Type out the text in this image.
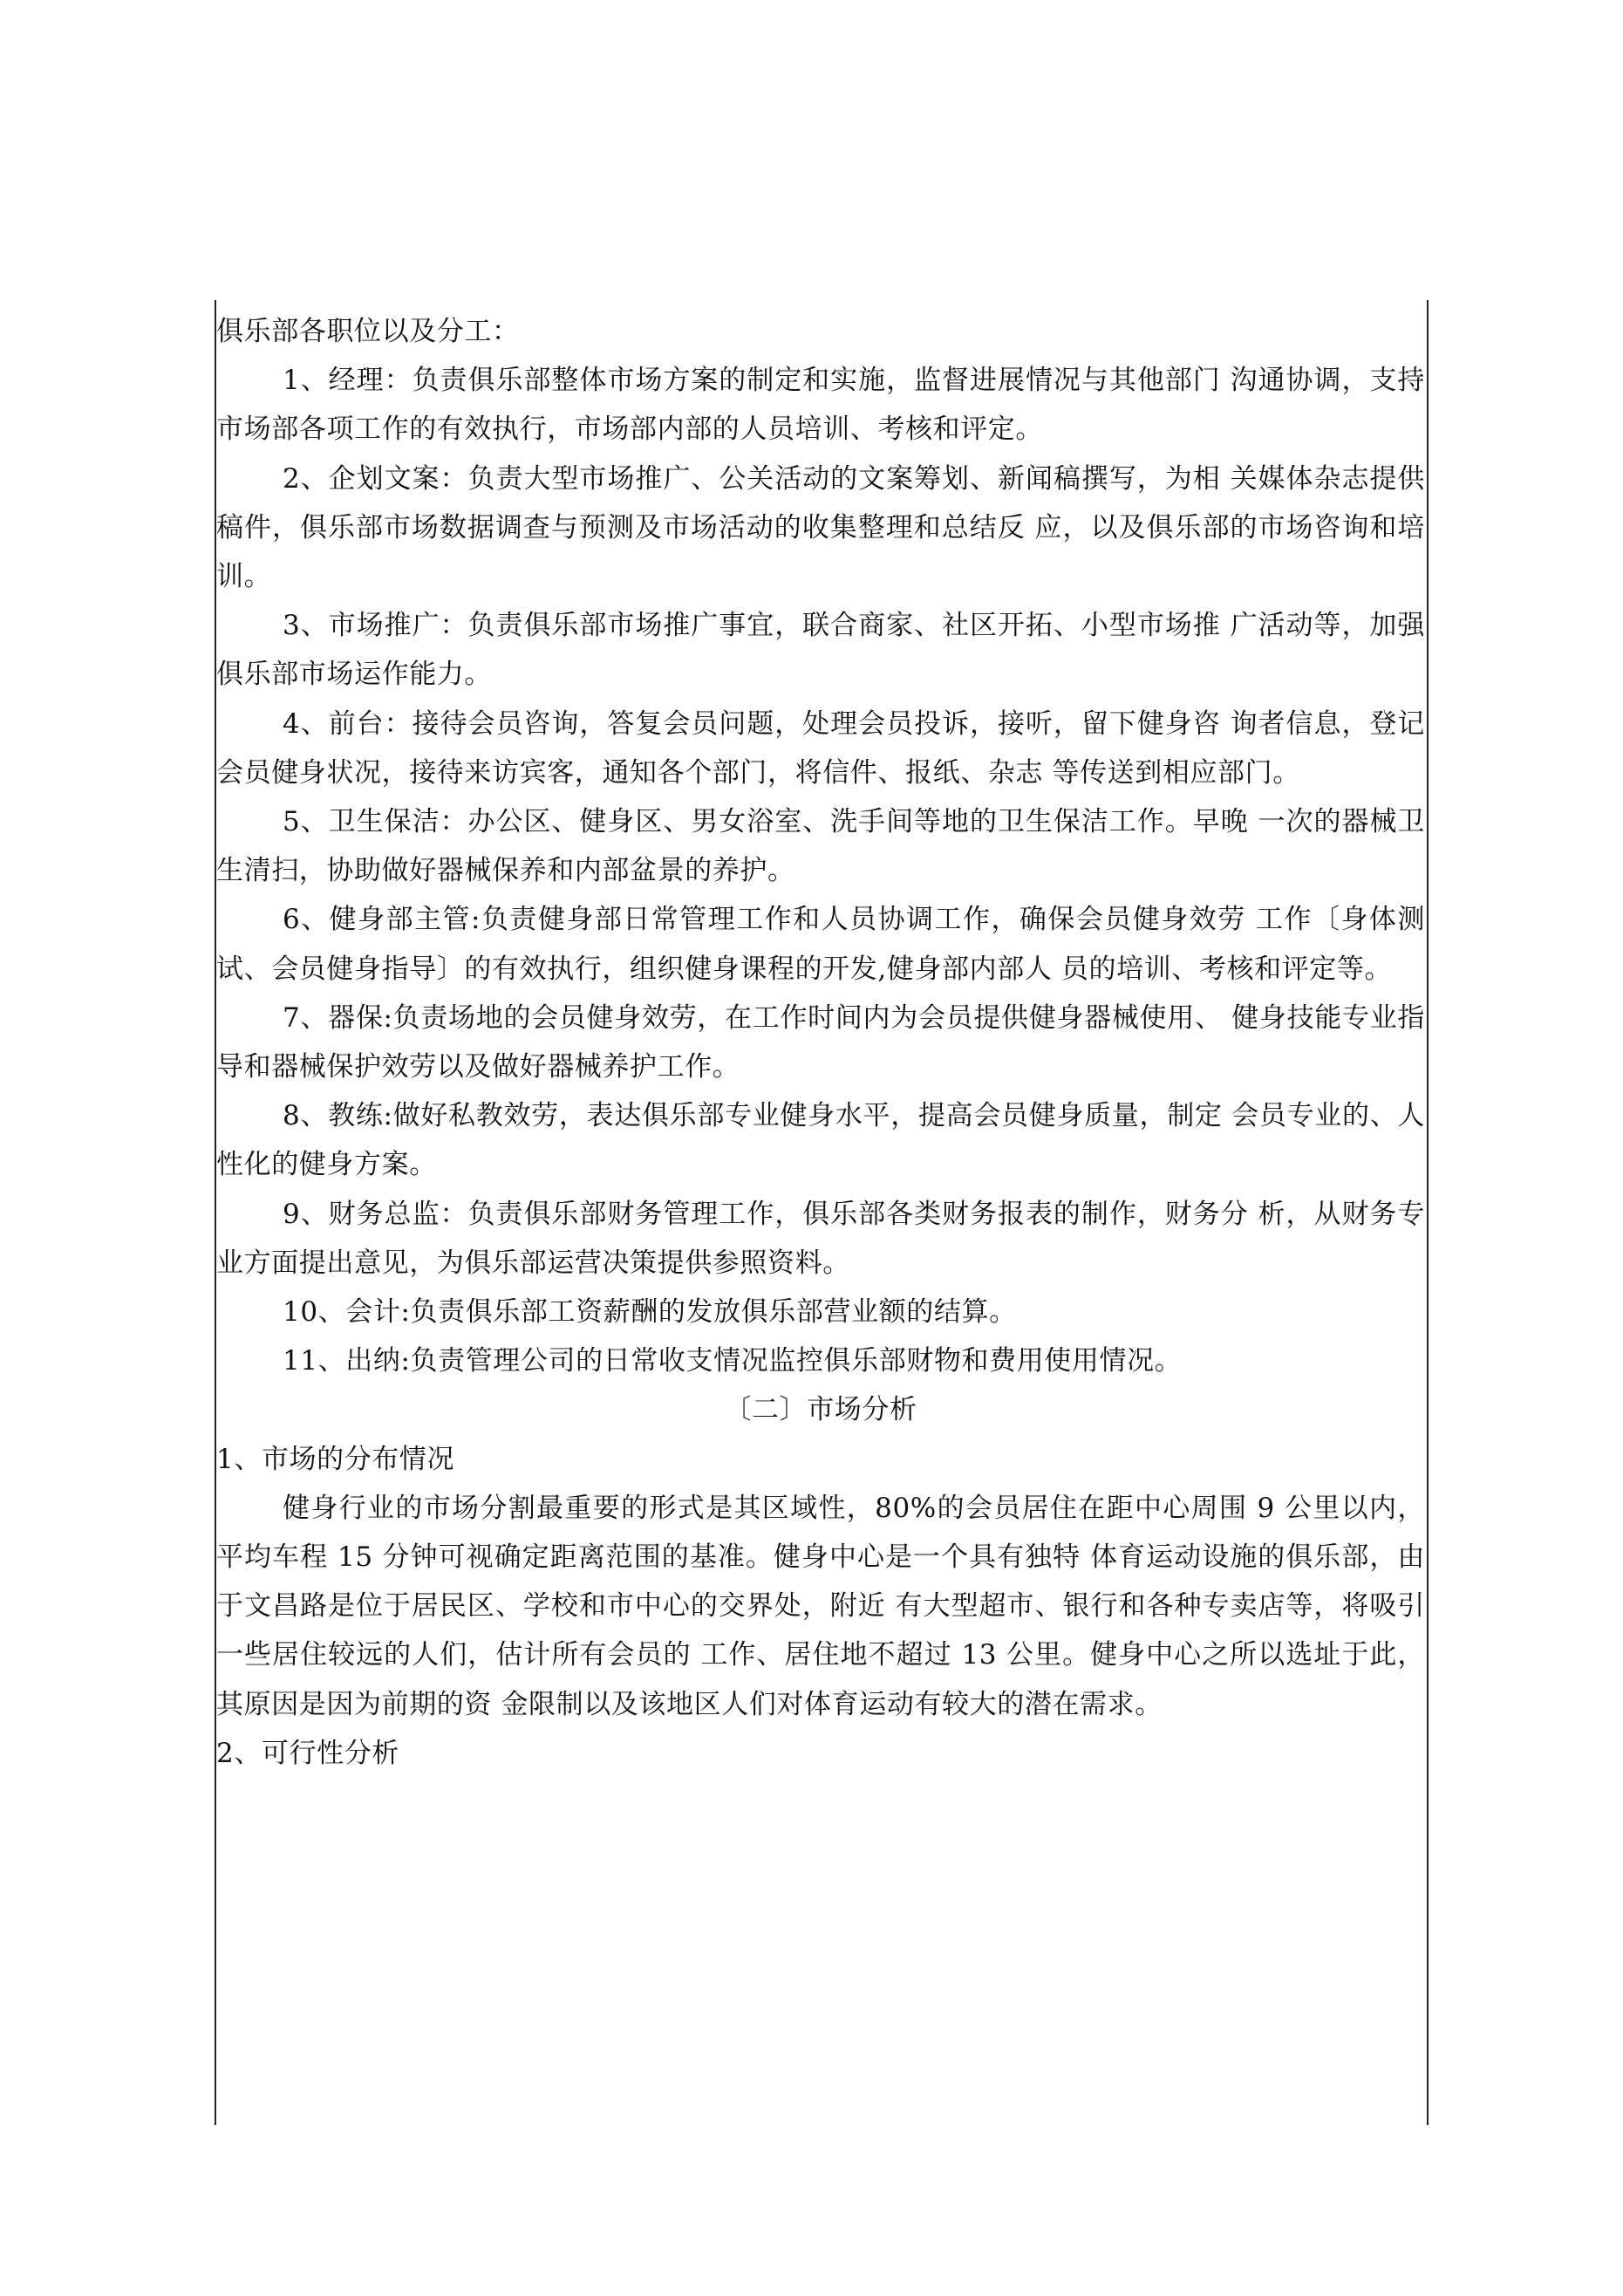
俱乐部各职位以及分工：

1、经理：负责俱乐部整体市场方案的制定和实施，监督进展情况与其他部门 沟通协调，支持市场部各项工作的有效执行，市场部内部的人员培训、考核和评定。

2、企划文案：负责大型市场推广、公关活动的文案筹划、新闻稿撰写，为相 关媒体杂志提供稿件，俱乐部市场数据调查与预测及市场活动的收集整理和总结反 应，以及俱乐部的市场咨询和培训。

3、市场推广：负责俱乐部市场推广事宜，联合商家、社区开拓、小型市场推 广活动等，加强俱乐部市场运作能力。

4、前台：接待会员咨询，答复会员问题，处理会员投诉，接听，留下健身咨 询者信息，登记会员健身状况，接待来访宾客，通知各个部门，将信件、报纸、杂志 等传送到相应部门。

5、卫生保洁：办公区、健身区、男女浴室、洗手间等地的卫生保洁工作。早晚 一次的器械卫生清扫，协助做好器械保养和内部盆景的养护。

6、健身部主管:负责健身部日常管理工作和人员协调工作，确保会员健身效劳 工作〔身体测试、会员健身指导〕的有效执行，组织健身课程的开发,健身部内部人 员的培训、考核和评定等。

7、器保:负责场地的会员健身效劳，在工作时间内为会员提供健身器械使用、 健身技能专业指导和器械保护效劳以及做好器械养护工作。

8、教练:做好私教效劳，表达俱乐部专业健身水平，提高会员健身质量，制定 会员专业的、人性化的健身方案。

9、财务总监：负责俱乐部财务管理工作，俱乐部各类财务报表的制作，财务分 析，从财务专业方面提出意见，为俱乐部运营决策提供参照资料。

10、会计:负责俱乐部工资薪酬的发放俱乐部营业额的结算。

11、出纳:负责管理公司的日常收支情况监控俱乐部财物和费用使用情况。

〔二〕市场分析

1、市场的分布情况

健身行业的市场分割最重要的形式是其区域性，80%的会员居住在距中心周围 9 公里以内，平均车程 15 分钟可视确定距离范围的基准。健身中心是一个具有独特 体育运动设施的俱乐部，由于文昌路是位于居民区、学校和市中心的交界处，附近 有大型超市、银行和各种专卖店等，将吸引一些居住较远的人们，估计所有会员的 工作、居住地不超过 13 公里。健身中心之所以选址于此，其原因是因为前期的资 金限制以及该地区人们对体育运动有较大的潜在需求。

2、可行性分析
